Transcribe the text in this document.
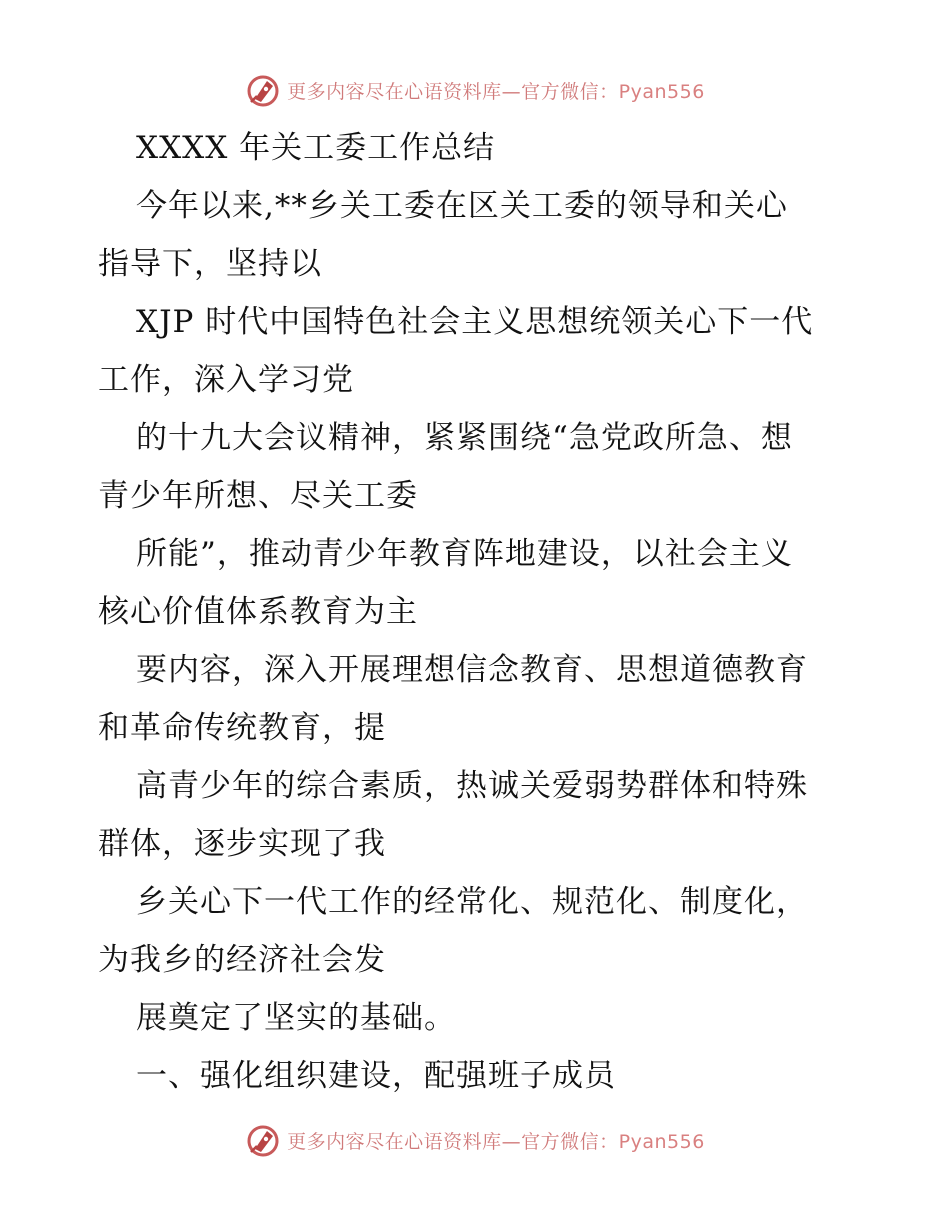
更多内容尽在心语资料库—官方微信：Pyan556
XXXX 年关工委工作总结
今年以来,**乡关工委在区关工委的领导和关心
指导下，坚持以
XJP 时代中国特色社会主义思想统领关心下一代
工作，深入学习党
的十九大会议精神，紧紧围绕“急党政所急、想
青少年所想、尽关工委
所能”，推动青少年教育阵地建设，以社会主义
核心价值体系教育为主
要内容，深入开展理想信念教育、思想道德教育
和革命传统教育，提
高青少年的综合素质，热诚关爱弱势群体和特殊
群体，逐步实现了我
乡关心下一代工作的经常化、规范化、制度化，
为我乡的经济社会发
展奠定了坚实的基础。
一、强化组织建设，配强班子成员
更多内容尽在心语资料库—官方微信：Pyan556
